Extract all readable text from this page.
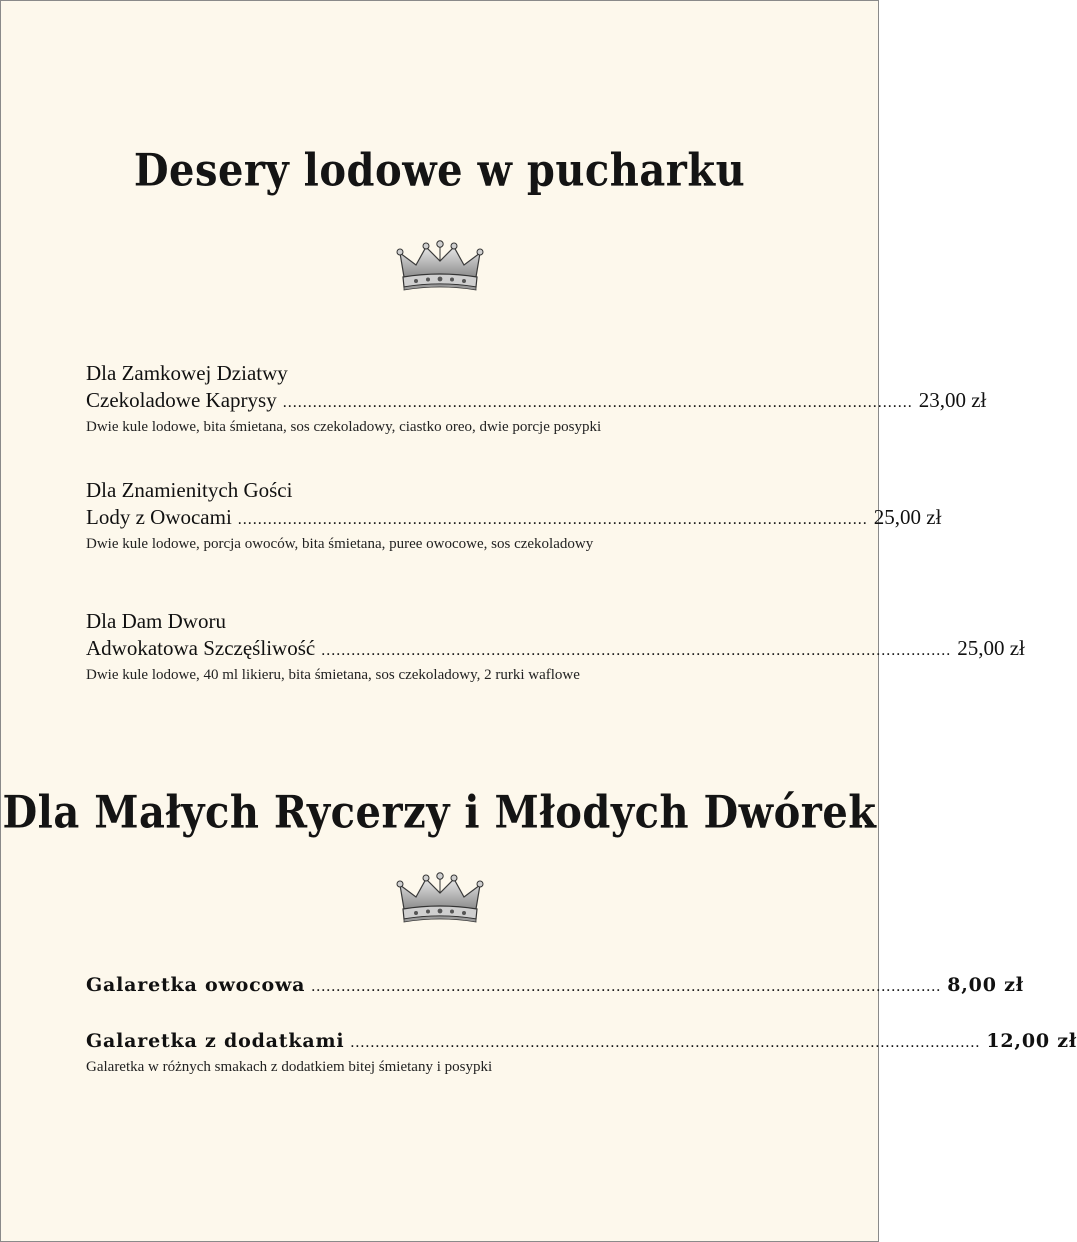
Desery lodowe w pucharku
Dla Zamkowej Dziatwy
Czekoladowe Kaprysy .............................................................................................................................. 23,00 zł
Dwie kule lodowe, bita śmietana, sos czekoladowy, ciastko oreo, dwie porcje posypki
Dla Znamienitych Gości
Lody z Owocami .............................................................................................................................. 25,00 zł
Dwie kule lodowe, porcja owoców, bita śmietana, puree owocowe, sos czekoladowy
Dla Dam Dworu
Adwokatowa Szczęśliwość .............................................................................................................................. 25,00 zł
Dwie kule lodowe, 40 ml likieru, bita śmietana, sos czekoladowy, 2 rurki waflowe
Dla Małych Rycerzy i Młodych Dwórek
Galaretka owocowa .............................................................................................................................. 8,00 zł
Galaretka z dodatkami .............................................................................................................................. 12,00 zł
Galaretka w różnych smakach z dodatkiem bitej śmietany i posypki
